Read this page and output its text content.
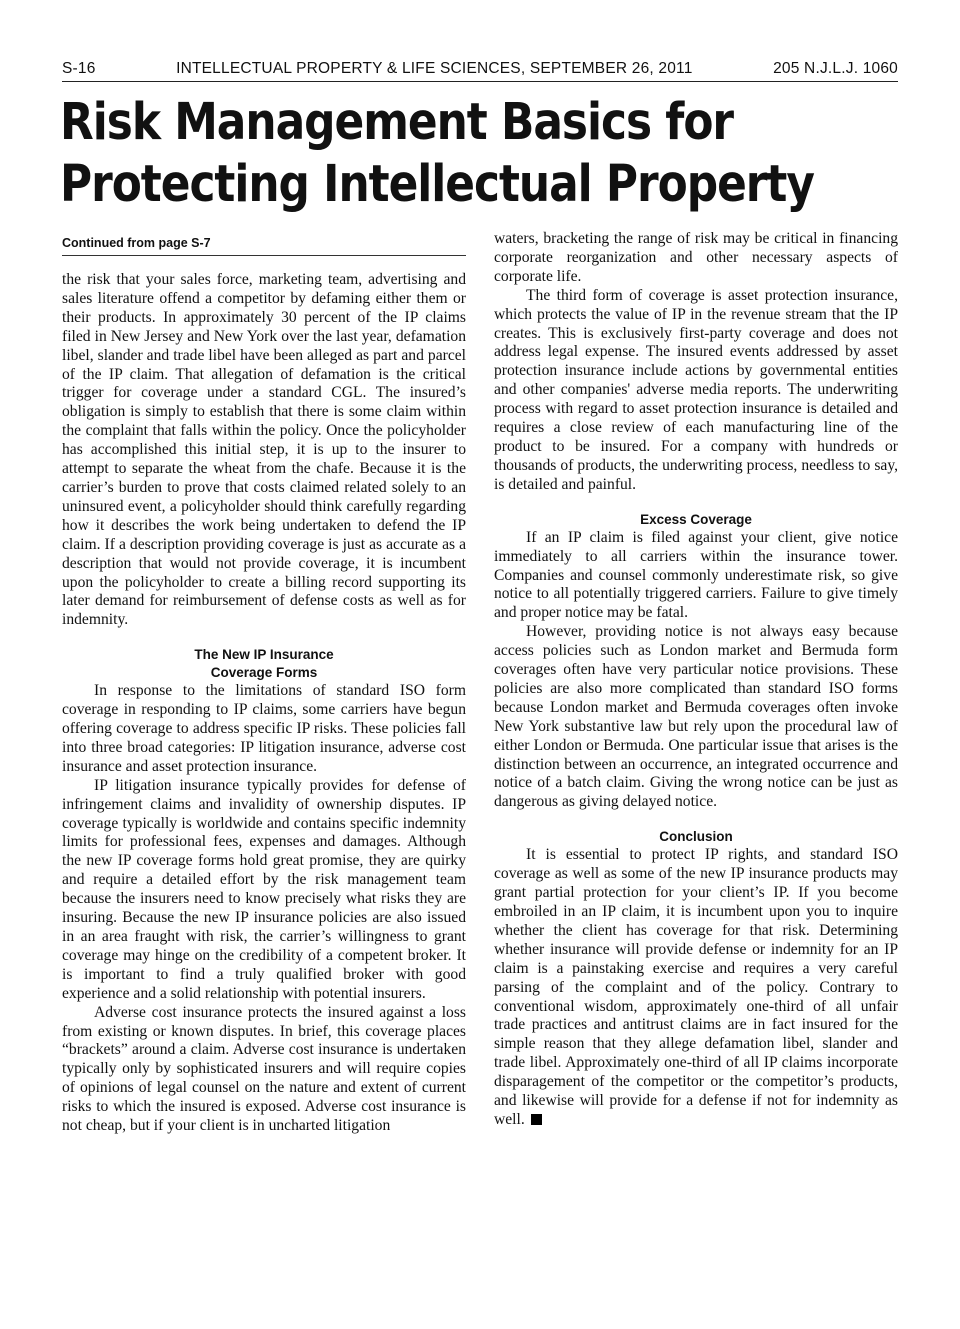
S-16	INTELLECTUAL PROPERTY & LIFE SCIENCES, SEPTEMBER 26, 2011	205 N.J.L.J. 1060
Risk Management Basics for
Protecting Intellectual Property
Continued from page S-7

the risk that your sales force, marketing team, advertising and sales literature offend a competitor by defaming either them or their products. In approximately 30 percent of the IP claims filed in New Jersey and New York over the last year, defamation libel, slander and trade libel have been alleged as part and parcel of the IP claim. That allegation of defamation is the critical trigger for coverage under a standard CGL. The insured’s obligation is simply to establish that there is some claim within the complaint that falls within the policy. Once the policyholder has accomplished this initial step, it is up to the insurer to attempt to separate the wheat from the chafe. Because it is the carrier’s burden to prove that costs claimed related solely to an uninsured event, a policyholder should think carefully regarding how it describes the work being undertaken to defend the IP claim. If a description providing coverage is just as accurate as a description that would not provide coverage, it is incumbent upon the policyholder to create a billing record supporting its later demand for reimbursement of defense costs as well as for indemnity.

The New IP Insurance
Coverage Forms

In response to the limitations of standard ISO form coverage in responding to IP claims, some carriers have begun offering coverage to address specific IP risks. These policies fall into three broad categories: IP litigation insurance, adverse cost insurance and asset protection insurance.

IP litigation insurance typically provides for defense of infringement claims and invalidity of ownership disputes. IP coverage typically is worldwide and contains specific indemnity limits for professional fees, expenses and damages. Although the new IP coverage forms hold great promise, they are quirky and require a detailed effort by the risk management team because the insurers need to know precisely what risks they are insuring. Because the new IP insurance policies are also issued in an area fraught with risk, the carrier’s willingness to grant coverage may hinge on the credibility of a competent broker. It is important to find a truly qualified broker with good experience and a solid relationship with potential insurers.

Adverse cost insurance protects the insured against a loss from existing or known disputes. In brief, this coverage places “brackets” around a claim. Adverse cost insurance is undertaken typically only by sophisticated insurers and will require copies of opinions of legal counsel on the nature and extent of current risks to which the insured is exposed. Adverse cost insurance is not cheap, but if your client is in uncharted litigation

waters, bracketing the range of risk may be critical in financing corporate reorganization and other necessary aspects of corporate life.

The third form of coverage is asset protection insurance, which protects the value of IP in the revenue stream that the IP creates. This is exclusively first-party coverage and does not address legal expense. The insured events addressed by asset protection insurance include actions by governmental entities and other companies' adverse media reports. The underwriting process with regard to asset protection insurance is detailed and requires a close review of each manufacturing line of the product to be insured. For a company with hundreds or thousands of products, the underwriting process, needless to say, is detailed and painful.

Excess Coverage

If an IP claim is filed against your client, give notice immediately to all carriers within the insurance tower. Companies and counsel commonly underestimate risk, so give notice to all potentially triggered carriers. Failure to give timely and proper notice may be fatal.

However, providing notice is not always easy because access policies such as London market and Bermuda form coverages often have very particular notice provisions. These policies are also more complicated than standard ISO forms because London market and Bermuda coverages often invoke New York substantive law but rely upon the procedural law of either London or Bermuda. One particular issue that arises is the distinction between an occurrence, an integrated occurrence and notice of a batch claim. Giving the wrong notice can be just as dangerous as giving delayed notice.

Conclusion

It is essential to protect IP rights, and standard ISO coverage as well as some of the new IP insurance products may grant partial protection for your client’s IP. If you become embroiled in an IP claim, it is incumbent upon you to inquire whether the client has coverage for that risk. Determining whether insurance will provide defense or indemnity for an IP claim is a painstaking exercise and requires a very careful parsing of the complaint and of the policy. Contrary to conventional wisdom, approximately one-third of all unfair trade practices and antitrust claims are in fact insured for the simple reason that they allege defamation libel, slander and trade libel. Approximately one-third of all IP claims incorporate disparagement of the competitor or the competitor’s products, and likewise will provide for a defense if not for indemnity as well.
